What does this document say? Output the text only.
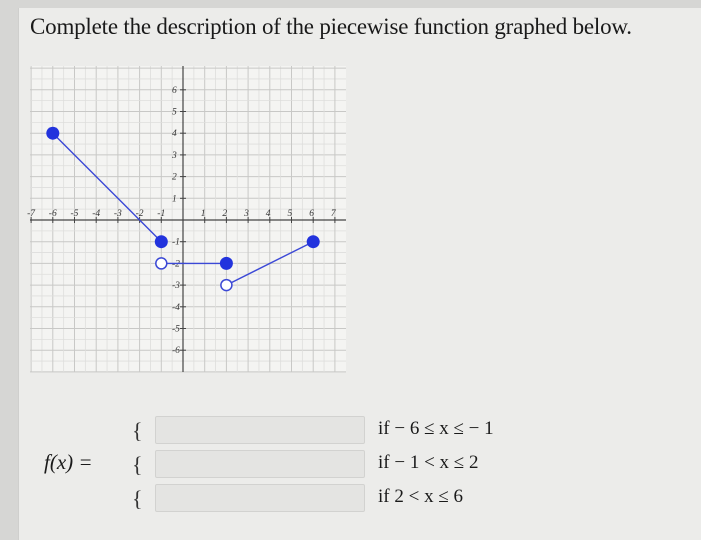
Complete the description of the piecewise function graphed below.
-7 -6 -5 -4 -3 -2 -1	1 2 3 4 5 6 7
6
5
4
3
2
1
-1
-2
-3
-4
-5
-6
f(x) =
{
{
{
if − 6 ≤ x ≤ − 1
if − 1 < x ≤ 2
if 2 < x ≤ 6
